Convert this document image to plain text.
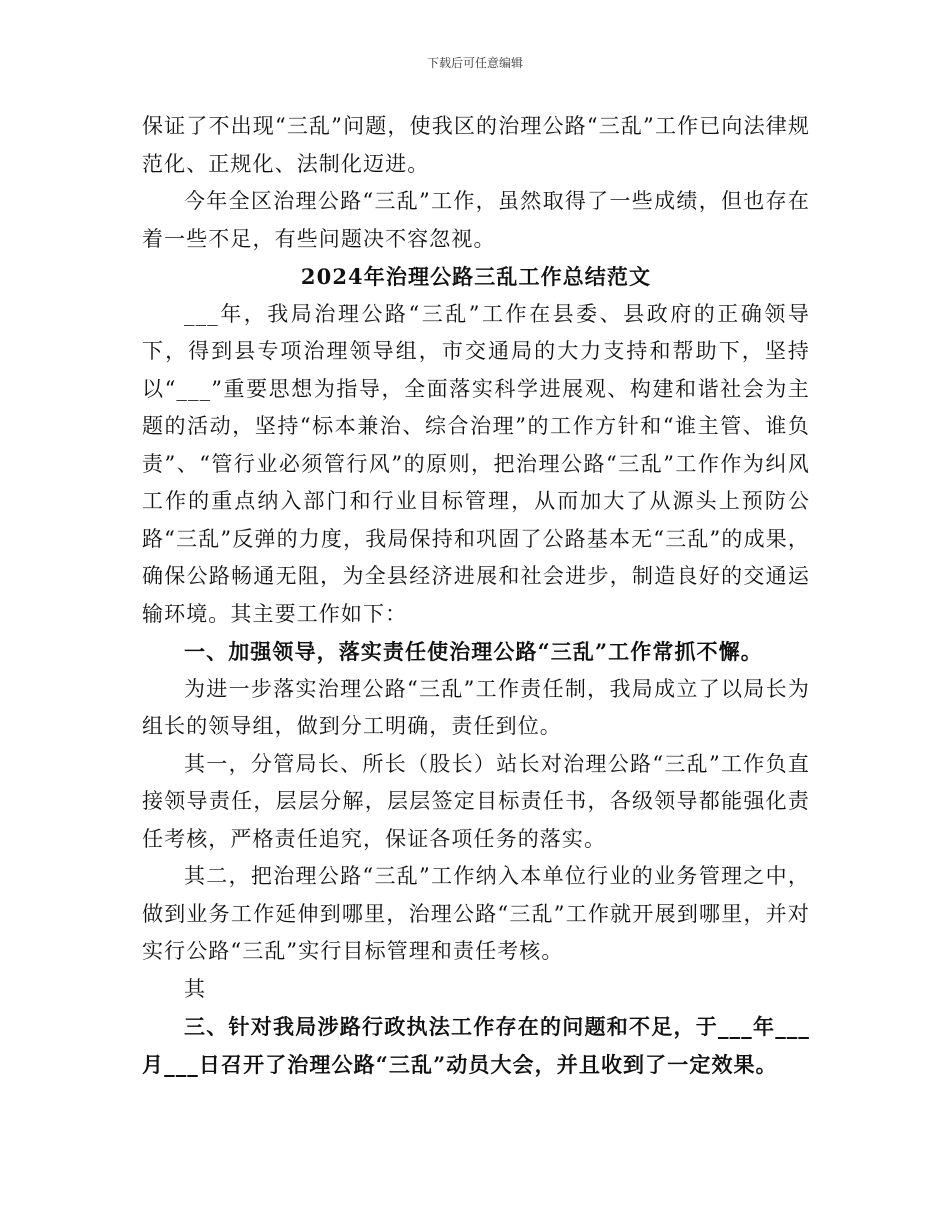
下载后可任意编辑

保证了不出现“三乱”问题，使我区的治理公路“三乱”工作已向法律规范化、正规化、法制化迈进。

今年全区治理公路“三乱”工作，虽然取得了一些成绩，但也存在着一些不足，有些问题决不容忽视。

2024年治理公路三乱工作总结范文

___年，我局治理公路“三乱”工作在县委、县政府的正确领导下，得到县专项治理领导组，市交通局的大力支持和帮助下，坚持以“___”重要思想为指导，全面落实科学进展观、构建和谐社会为主题的活动，坚持“标本兼治、综合治理”的工作方针和“谁主管、谁负责”、“管行业必须管行风”的原则，把治理公路“三乱”工作作为纠风工作的重点纳入部门和行业目标管理，从而加大了从源头上预防公路“三乱”反弹的力度，我局保持和巩固了公路基本无“三乱”的成果，确保公路畅通无阻，为全县经济进展和社会进步，制造良好的交通运输环境。其主要工作如下：

一、加强领导，落实责任使治理公路“三乱”工作常抓不懈。

为进一步落实治理公路“三乱”工作责任制，我局成立了以局长为组长的领导组，做到分工明确，责任到位。

其一，分管局长、所长（股长）站长对治理公路“三乱”工作负直接领导责任，层层分解，层层签定目标责任书，各级领导都能强化责任考核，严格责任追究，保证各项任务的落实。

其二，把治理公路“三乱”工作纳入本单位行业的业务管理之中，做到业务工作延伸到哪里，治理公路“三乱”工作就开展到哪里，并对实行公路“三乱”实行目标管理和责任考核。

其

三、针对我局涉路行政执法工作存在的问题和不足，于___年___月___日召开了治理公路“三乱”动员大会，并且收到了一定效果。
